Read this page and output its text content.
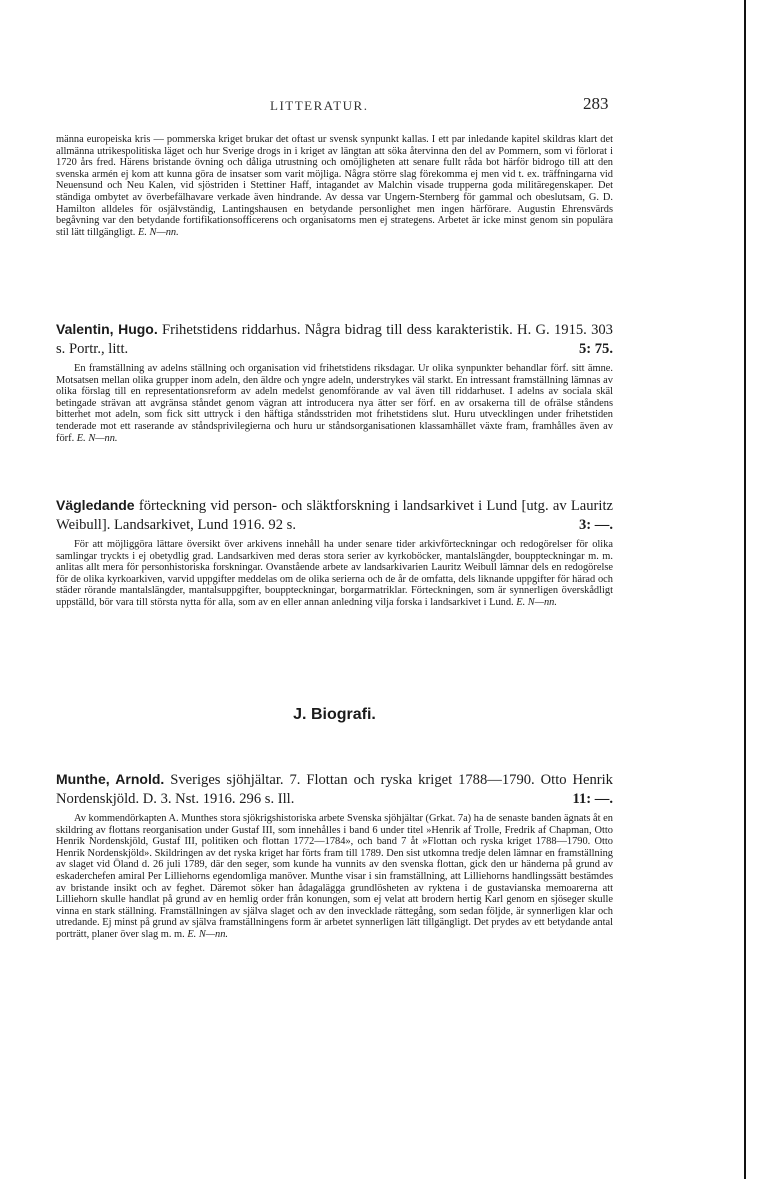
LITTERATUR.	283
männa europeiska kris — pommerska kriget brukar det oftast ur svensk synpunkt kallas. I ett par inledande kapitel skildras klart det allmänna utrikespolitiska läget och hur Sverige drogs in i kriget av längtan att söka återvinna den del av Pommern, som vi förlorat i 1720 års fred. Härens bristande övning och dåliga utrustning och omöjligheten att senare fullt råda bot härför bidrogo till att den svenska armén ej kom att kunna göra de insatser som varit möjliga. Några större slag förekomma ej men vid t. ex. träffningarna vid Neuensund och Neu Kalen, vid sjöstriden i Stettiner Haff, intagandet av Malchin visade trupperna goda militäregenskaper. Det ständiga ombytet av överbefälhavare verkade även hindrande. Av dessa var Ungern-Sternberg för gammal och obeslutsam, G. D. Hamilton alldeles för osjälvständig, Lantingshausen en betydande personlighet men ingen härförare. Augustin Ehrensvärds begåvning var den betydande fortifikationsofficerens och organisatorns men ej strategens. Arbetet är icke minst genom sin populära stil lätt tillgängligt. E. N—nn.
Valentin, Hugo. Frihetstidens riddarhus. Några bidrag till dess karakteristik. H. G. 1915. 303 s. Portr., litt.	5: 75.
En framställning av adelns ställning och organisation vid frihetstidens riksdagar. Ur olika synpunkter behandlar förf. sitt ämne. Motsatsen mellan olika grupper inom adeln, den äldre och yngre adeln, understrykes väl starkt. En intressant framställning lämnas av olika förslag till en representationsreform av adeln medelst genomförande av val även till riddarhuset. I adelns av sociala skäl betingade strävan att avgränsa ståndet genom vägran att introducera nya ätter ser förf. en av orsakerna till de ofrälse ståndens bitterhet mot adeln, som fick sitt uttryck i den häftiga ståndsstriden mot frihetstidens slut. Huru utvecklingen under frihetstiden tenderade mot ett raserande av ståndsprivilegierna och huru ur ståndsorganisationen klassamhället växte fram, framhålles även av förf. E. N—nn.
Vägledande förteckning vid person- och släktforskning i landsarkivet i Lund [utg. av Lauritz Weibull]. Landsarkivet, Lund 1916. 92 s.	3: —.
För att möjliggöra lättare översikt över arkivens innehåll ha under senare tider arkivförteckningar och redogörelser för olika samlingar tryckts i ej obetydlig grad. Landsarkiven med deras stora serier av kyrkoböcker, mantalslängder, bouppteckningar m. m. anlitas allt mera för personhistoriska forskningar. Ovanstående arbete av landsarkivarien Lauritz Weibull lämnar dels en redogörelse för de olika kyrkoarkiven, varvid uppgifter meddelas om de olika serierna och de år de omfatta, dels liknande uppgifter för härad och städer rörande mantalslängder, mantalsuppgifter, bouppteckningar, borgarmatriklar. Förteckningen, som är synnerligen överskådligt uppställd, bör vara till största nytta för alla, som av en eller annan anledning vilja forska i landsarkivet i Lund. E. N—nn.
J. Biografi.
Munthe, Arnold. Sveriges sjöhjältar. 7. Flottan och ryska kriget 1788—1790. Otto Henrik Nordenskjöld. D. 3. Nst. 1916. 296 s. Ill.	11: —.
Av kommendörkapten A. Munthes stora sjökrigshistoriska arbete Svenska sjöhjältar (Grkat. 7a) ha de senaste banden ägnats åt en skildring av flottans reorganisation under Gustaf III, som innehålles i band 6 under titel »Henrik af Trolle, Fredrik af Chapman, Otto Henrik Nordenskjöld, Gustaf III, politiken och flottan 1772—1784», och band 7 åt »Flottan och ryska kriget 1788—1790. Otto Henrik Nordenskjöld». Skildringen av det ryska kriget har förts fram till 1789. Den sist utkomna tredje delen lämnar en framställning av slaget vid Öland d. 26 juli 1789, där den seger, som kunde ha vunnits av den svenska flottan, gick den ur händerna på grund av eskaderchefen amiral Per Lilliehorns egendomliga manöver. Munthe visar i sin framställning, att Lilliehorns handlingssätt bestämdes av bristande insikt och av feghet. Däremot söker han ådagalägga grundlösheten av ryktena i de gustavianska memoarerna att Lilliehorn skulle handlat på grund av en hemlig order från konungen, som ej velat att brodern hertig Karl genom en sjöseger skulle vinna en stark ställning. Framställningen av själva slaget och av den invecklade rättegång, som sedan följde, är synnerligen klar och utredande. Ej minst på grund av själva framställningens form är arbetet synnerligen lätt tillgängligt. Det prydes av ett betydande antal porträtt, planer över slag m. m. E. N—nn.
